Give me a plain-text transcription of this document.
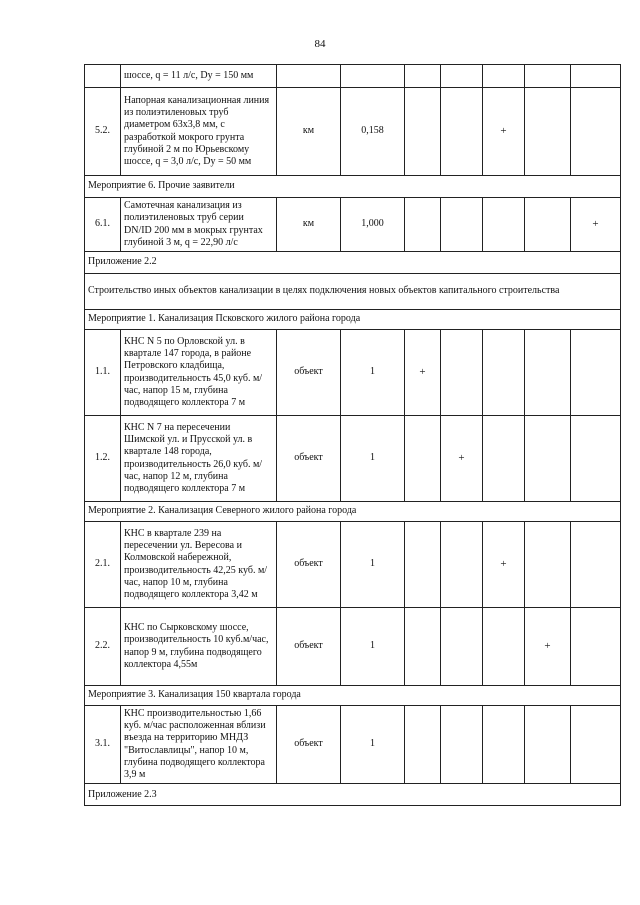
84
	шоссе, q = 11 л/с, Dу = 150 мм							
5.2.	Напорная канализационная линия из полиэтиленовых труб диаметром 63х3,8 мм, с разработкой мокрого грунта глубиной 2 м по Юрьевскому шоссе, q = 3,0 л/с, Dу = 50 мм	км	0,158			+		
Мероприятие 6. Прочие заявители								
6.1.	Самотечная канализация из полиэтиленовых труб серии DN/ID 200 мм в мокрых грунтах глубиной 3 м, q = 22,90 л/с	км	1,000					+
Приложение 2.2								
Строительство иных объектов канализации в целях подключения новых объектов капитального строительства								
Мероприятие 1. Канализация Псковского жилого района города								
1.1.	КНС N 5 по Орловской ул. в квартале 147 города, в районе Петровского кладбища, производительность 45,0 куб. м/час, напор 15 м, глубина подводящего коллектора 7 м	объект	1	+				
1.2.	КНС N 7 на пересечении Шимской ул. и Прусской ул. в квартале 148 города, производительность 26,0 куб. м/час, напор 12 м, глубина подводящего коллектора 7 м	объект	1		+			
Мероприятие 2. Канализация Северного жилого района города								
2.1.	КНС в квартале 239 на пересечении ул. Вересова и Колмовской набережной, производительность 42,25 куб. м/час, напор 10 м, глубина подводящего коллектора 3,42 м	объект	1			+		
2.2.	КНС по Сырковскому шоссе, производительность 10 куб.м/час, напор 9 м, глубина подводящего коллектора 4,55м	объект	1				+	
Мероприятие 3. Канализация 150 квартала города								
3.1.	КНС производительностью 1,66 куб. м/час расположенная вблизи въезда на территорию МНДЗ "Витославлицы", напор 10 м, глубина подводящего коллектора 3,9 м	объект	1					
Приложение 2.3								
